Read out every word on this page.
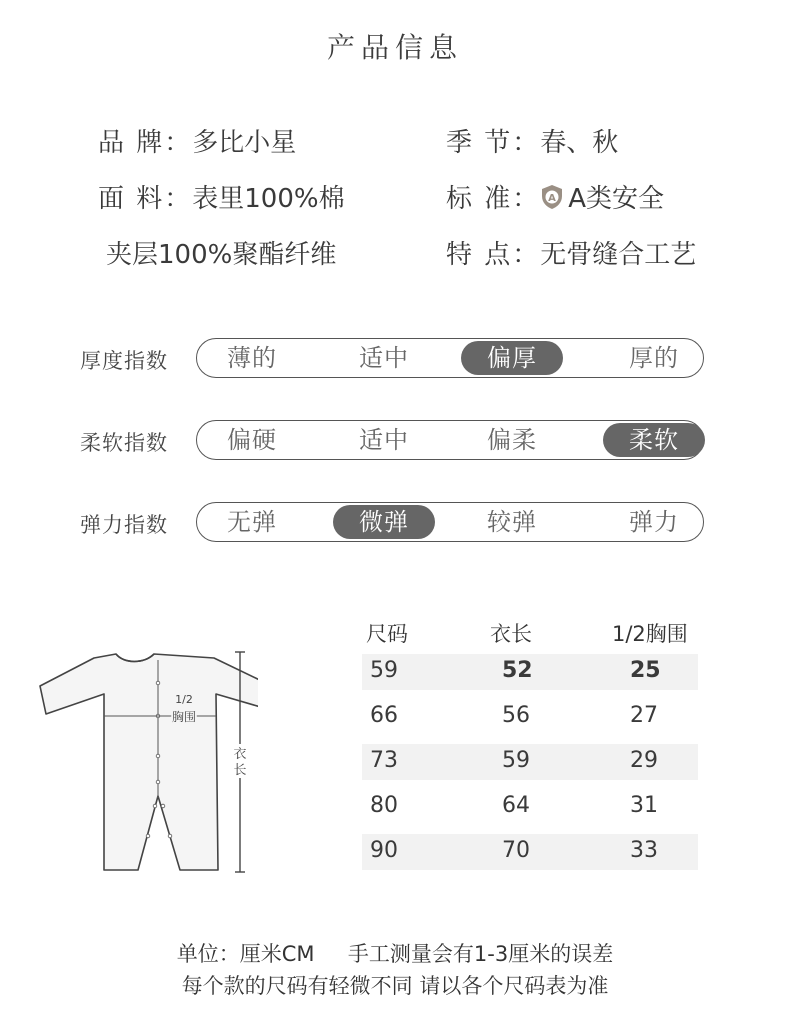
产品信息
品 牌：多比小星	季 节：春、秋
面 料：表里100%棉	标 准： A A类安全
夹层100%聚酯纤维	特 点：无骨缝合工艺
厚度指数	薄的	适中	偏厚	厚的
柔软指数	偏硬	适中	偏柔	柔软
弹力指数	无弹	微弹	较弹	弹力
1/2
胸围
衣
长
尺码	衣长	1/2胸围
59	52	25
66	56	27
73	59	29
80	64	31
90	70	33
单位：厘米CM     手工测量会有1-3厘米的误差
每个款的尺码有轻微不同 请以各个尺码表为准
